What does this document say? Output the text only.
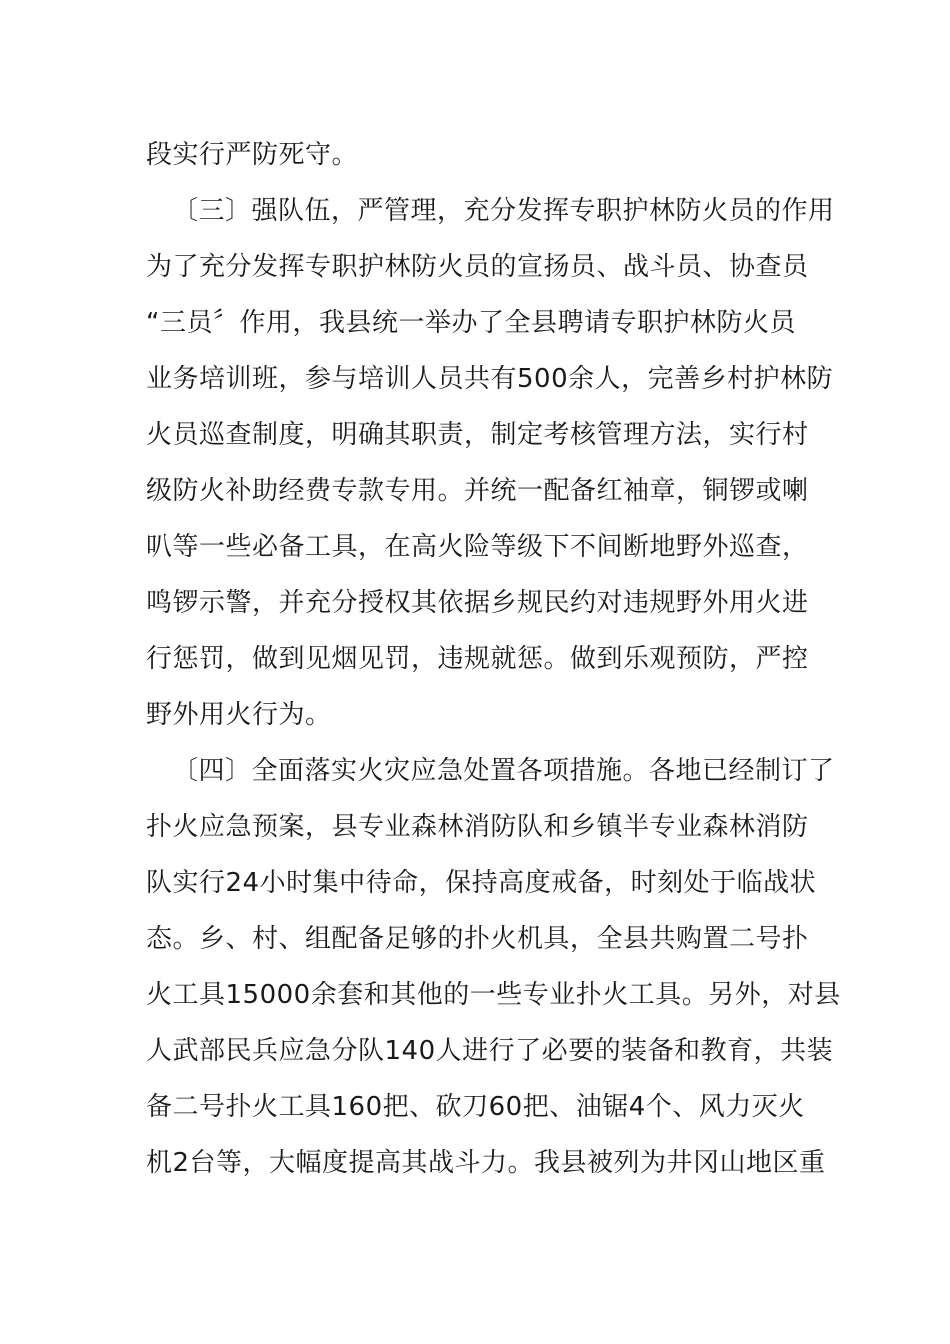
段实行严防死守。
〔三〕强队伍，严管理，充分发挥专职护林防火员的作用
为了充分发挥专职护林防火员的宣扬员、战斗员、协查员
“三员〞作用，我县统一举办了全县聘请专职护林防火员
业务培训班，参与培训人员共有500余人，完善乡村护林防
火员巡查制度，明确其职责，制定考核管理方法，实行村
级防火补助经费专款专用。并统一配备红袖章，铜锣或喇
叭等一些必备工具，在高火险等级下不间断地野外巡查，
鸣锣示警，并充分授权其依据乡规民约对违规野外用火进
行惩罚，做到见烟见罚，违规就惩。做到乐观预防，严控
野外用火行为。
〔四〕全面落实火灾应急处置各项措施。各地已经制订了
扑火应急预案，县专业森林消防队和乡镇半专业森林消防
队实行24小时集中待命，保持高度戒备，时刻处于临战状
态。乡、村、组配备足够的扑火机具，全县共购置二号扑
火工具15000余套和其他的一些专业扑火工具。另外，对县
人武部民兵应急分队140人进行了必要的装备和教育，共装
备二号扑火工具160把、砍刀60把、油锯4个、风力灭火
机2台等，大幅度提高其战斗力。我县被列为井冈山地区重
